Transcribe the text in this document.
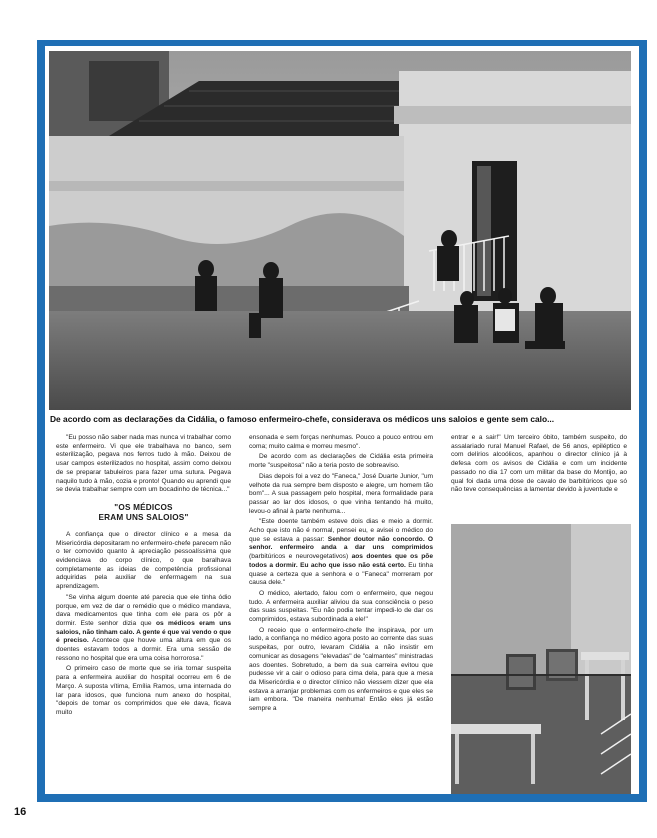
De acordo com as declarações da Cidália, o famoso enfermeiro-chefe, considerava os médicos uns saloios e gente sem calo...

"Eu posso não saber nada mas nunca vi trabalhar como este enfermeiro. Vi que ele trabalhava no banco, sem esterilização, pegava nos ferros tudo à mão. Deixou de usar campos esterilizados no hospital, assim como deixou de se preparar tabuleiros para fazer uma sutura. Pegava naquilo tudo à mão, cozia e pronto! Quando eu aprendi que se devia trabalhar sempre com um bocadinho de técnica..."

"OS MÉDICOS
ERAM UNS SALOIOS"

A confiança que o director clínico e a mesa da Misericórdia depositaram no enfermeiro-chefe parecem não o ter comovido quanto à apreciação pessoalíssima que evidenciava do corpo clínico, o que baralhava completamente as ideias de competência profissional adquiridas pela auxiliar de enfermagem na sua aprendizagem.

"Se vinha algum doente até parecia que ele tinha ódio porque, em vez de dar o remédio que o médico mandava, dava medicamentos que tinha com ele para os pôr a dormir. Este senhor dizia que os médicos eram uns saloios, não tinham calo. A gente é que vai vendo o que é preciso. Acontece que houve uma altura em que os doentes estavam todos a dormir. Era uma sessão de ressono no hospital que era uma coisa horrorosa."

O primeiro caso de morte que se iria tornar suspeita para a enfermeira auxiliar do hospital ocorreu em 6 de Março. A suposta vítima, Emília Ramos, uma internada do lar para idosos, que funciona num anexo do hospital, "depois de tomar os comprimidos que ele dava, ficava muito

ensonada e sem forças nenhumas. Pouco a pouco entrou em coma; muito calma e morreu mesmo".

De acordo com as declarações de Cidália esta primeira morte "suspeitosa" não a teria posto de sobreaviso.

Dias depois foi a vez do "Faneca," José Duarte Junior, "um velhote da rua sempre bem disposto e alegre, um homem tão bom"... A sua passagem pelo hospital, mera formalidade para passar ao lar dos idosos, o que vinha tentando há muito, levou-o afinal à parte nenhuma...

"Este doente também esteve dois dias e meio a dormir. Acho que isto não é normal, pensei eu, e avisei o médico do que se estava a passar: Senhor doutor não concordo. O senhor. enfermeiro anda a dar uns comprimidos (barbitúricos e neurovegetativos) aos doentes que os põe todos a dormir. Eu acho que isso não está certo. Eu tinha quase a certeza que a senhora e o "Faneca" morreram por causa dele."

O médico, alertado, falou com o enfermeiro, que negou tudo. A enfermeira auxiliar aliviou da sua consciência o peso das suas suspeitas. "Eu não podia tentar impedi-lo de dar os comprimidos, estava subordinada a ele!"

O receio que o enfermeiro-chefe lhe inspirava, por um lado, a confiança no médico agora posto ao corrente das suas suspeitas, por outro, levaram Cidália a não insistir em comunicar as dosagens "elevadas" de "calmantes" ministradas aos doentes. Sobretudo, a bem da sua carreira evitou que pudesse vir a cair o odioso para cima dela, para que a mesa da Misericórdia e o director clínico não viessem dizer que ela estava a arranjar problemas com os enfermeiros e que eles se iam embora. "De maneira nenhuma! Então eles já estão sempre a

entrar e a sair!" Um terceiro óbito, também suspeito, do assalariado rural Manuel Rafael, de 56 anos, epiléptico e com delírios alcoólicos, apanhou o director clínico já à defesa com os avisos de Cidália e com um incidente passado no dia 17 com um militar da base do Montijo, ao qual foi dada uma dose de cavalo de barbitúricos que só não teve consequências a lamentar devido à juventude e

16
